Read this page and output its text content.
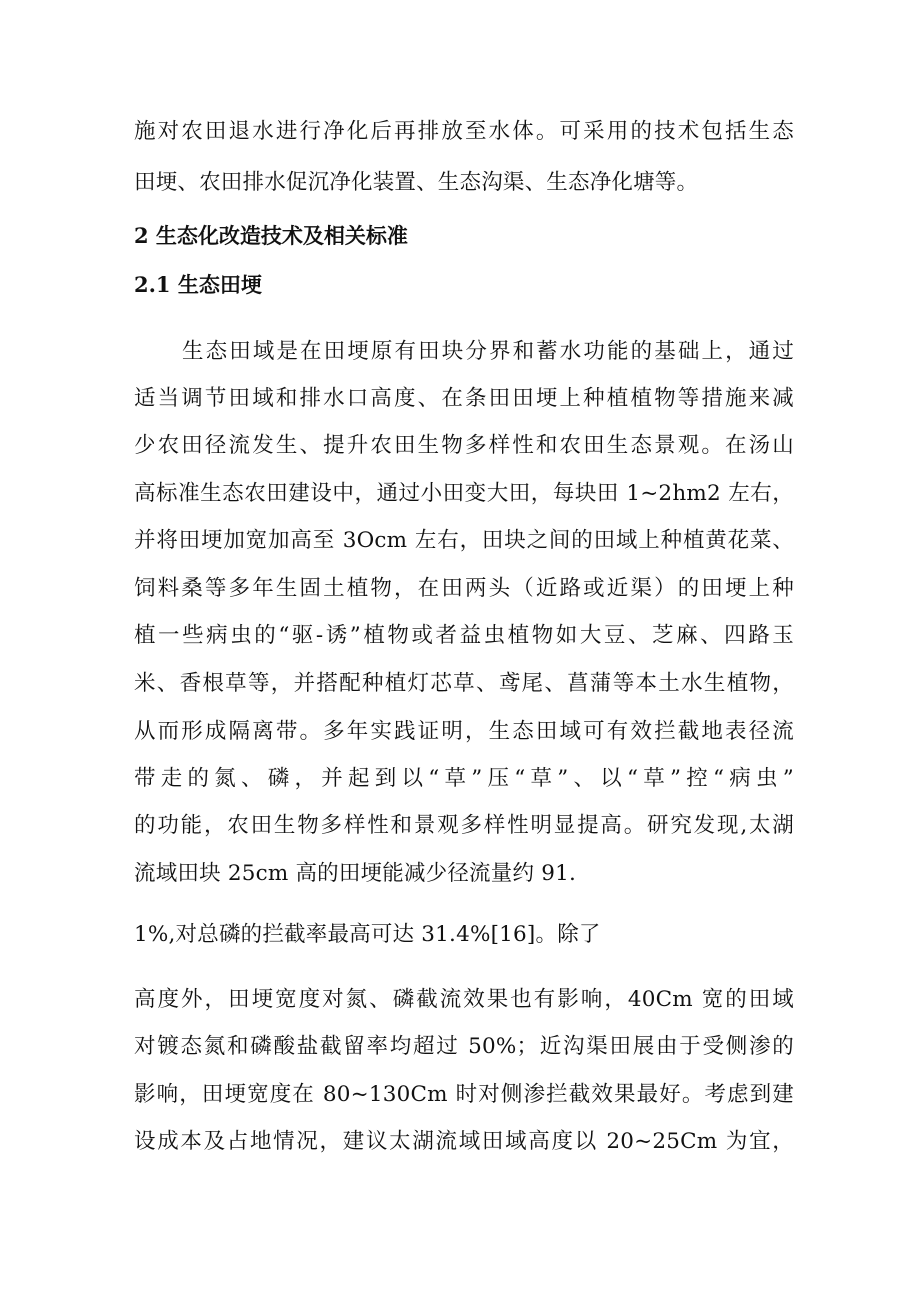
施对农田退水进行净化后再排放至水体。可采用的技术包括生态
田埂、农田排水促沉净化装置、生态沟渠、生态净化塘等。
2 生态化改造技术及相关标准
2.1 生态田埂
生态田域是在田埂原有田块分界和蓄水功能的基础上，通过
适当调节田域和排水口高度、在条田田埂上种植植物等措施来减
少农田径流发生、提升农田生物多样性和农田生态景观。在汤山
高标准生态农田建设中，通过小田变大田，每块田 1~2hm2 左右，
并将田埂加宽加高至 3Ocm 左右，田块之间的田域上种植黄花菜、
饲料桑等多年生固土植物，在田两头（近路或近渠）的田埂上种
植一些病虫的“驱-诱”植物或者益虫植物如大豆、芝麻、四路玉
米、香根草等，并搭配种植灯芯草、鸢尾、菖蒲等本土水生植物，
从而形成隔离带。多年实践证明，生态田域可有效拦截地表径流
带走的氮、磷，并起到以“草”压“草”、以“草”控“病虫”
的功能，农田生物多样性和景观多样性明显提高。研究发现,太湖
流域田块 25cm 高的田埂能减少径流量约 91.
1%,对总磷的拦截率最高可达 31.4%[16]。除了
高度外，田埂宽度对氮、磷截流效果也有影响，40Cm 宽的田域
对镀态氮和磷酸盐截留率均超过 50%；近沟渠田展由于受侧渗的
影响，田埂宽度在 80~130Cm 时对侧渗拦截效果最好。考虑到建
设成本及占地情况，建议太湖流域田域高度以 20~25Cm 为宜，
